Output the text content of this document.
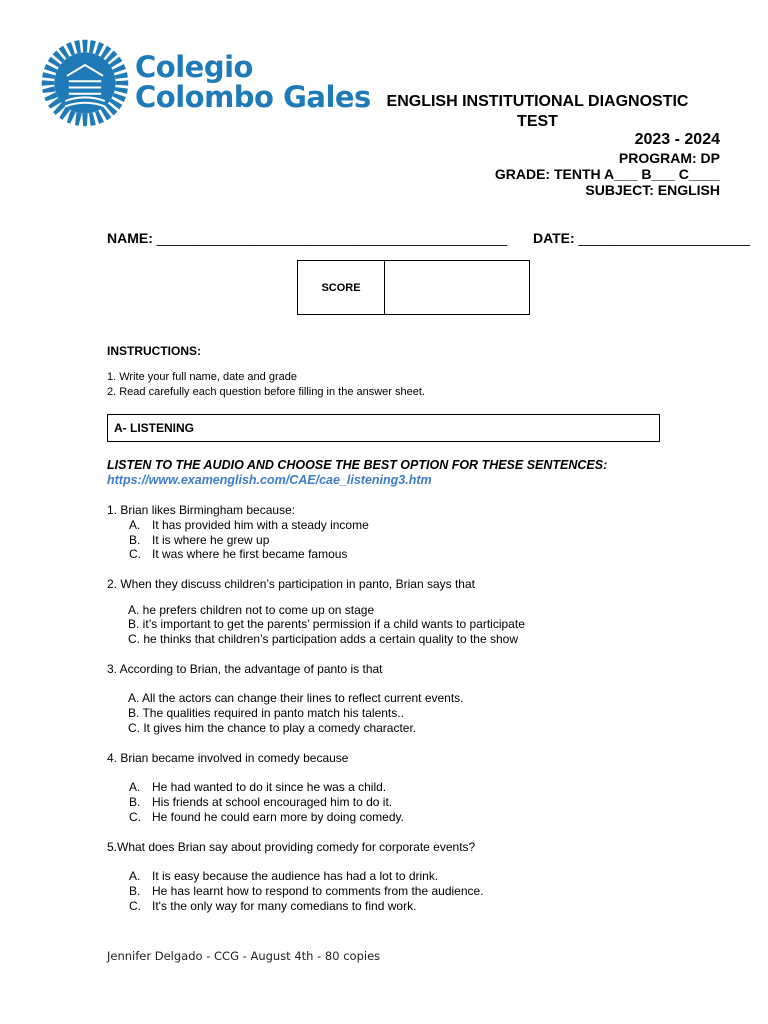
Colegio
Colombo Gales ENGLISH INSTITUTIONAL DIAGNOSTIC
TEST
2023 - 2024
PROGRAM: DP
GRADE: TENTH A___ B___ C____
SUBJECT: ENGLISH
NAME: _____________________________________________ DATE: ______________________
SCORE
INSTRUCTIONS:
1. Write your full name, date and grade
2. Read carefully each question before filling in the answer sheet.
A- LISTENING
LISTEN TO THE AUDIO AND CHOOSE THE BEST OPTION FOR THESE SENTENCES:
https://www.examenglish.com/CAE/cae_listening3.htm
1. Brian likes Birmingham because:
A. It has provided him with a steady income
B. It is where he grew up
C. It was where he first became famous
2. When they discuss children’s participation in panto, Brian says that
A. he prefers children not to come up on stage
B. it’s important to get the parents’ permission if a child wants to participate
C. he thinks that children’s participation adds a certain quality to the show
3. According to Brian, the advantage of panto is that
A. All the actors can change their lines to reflect current events.
B. The qualities required in panto match his talents..
C. It gives him the chance to play a comedy character.
4. Brian became involved in comedy because
A. He had wanted to do it since he was a child.
B. His friends at school encouraged him to do it.
C. He found he could earn more by doing comedy.
5.What does Brian say about providing comedy for corporate events?
A. It is easy because the audience has had a lot to drink.
B. He has learnt how to respond to comments from the audience.
C. It's the only way for many comedians to find work.
Jennifer Delgado - CCG - August 4th - 80 copies
